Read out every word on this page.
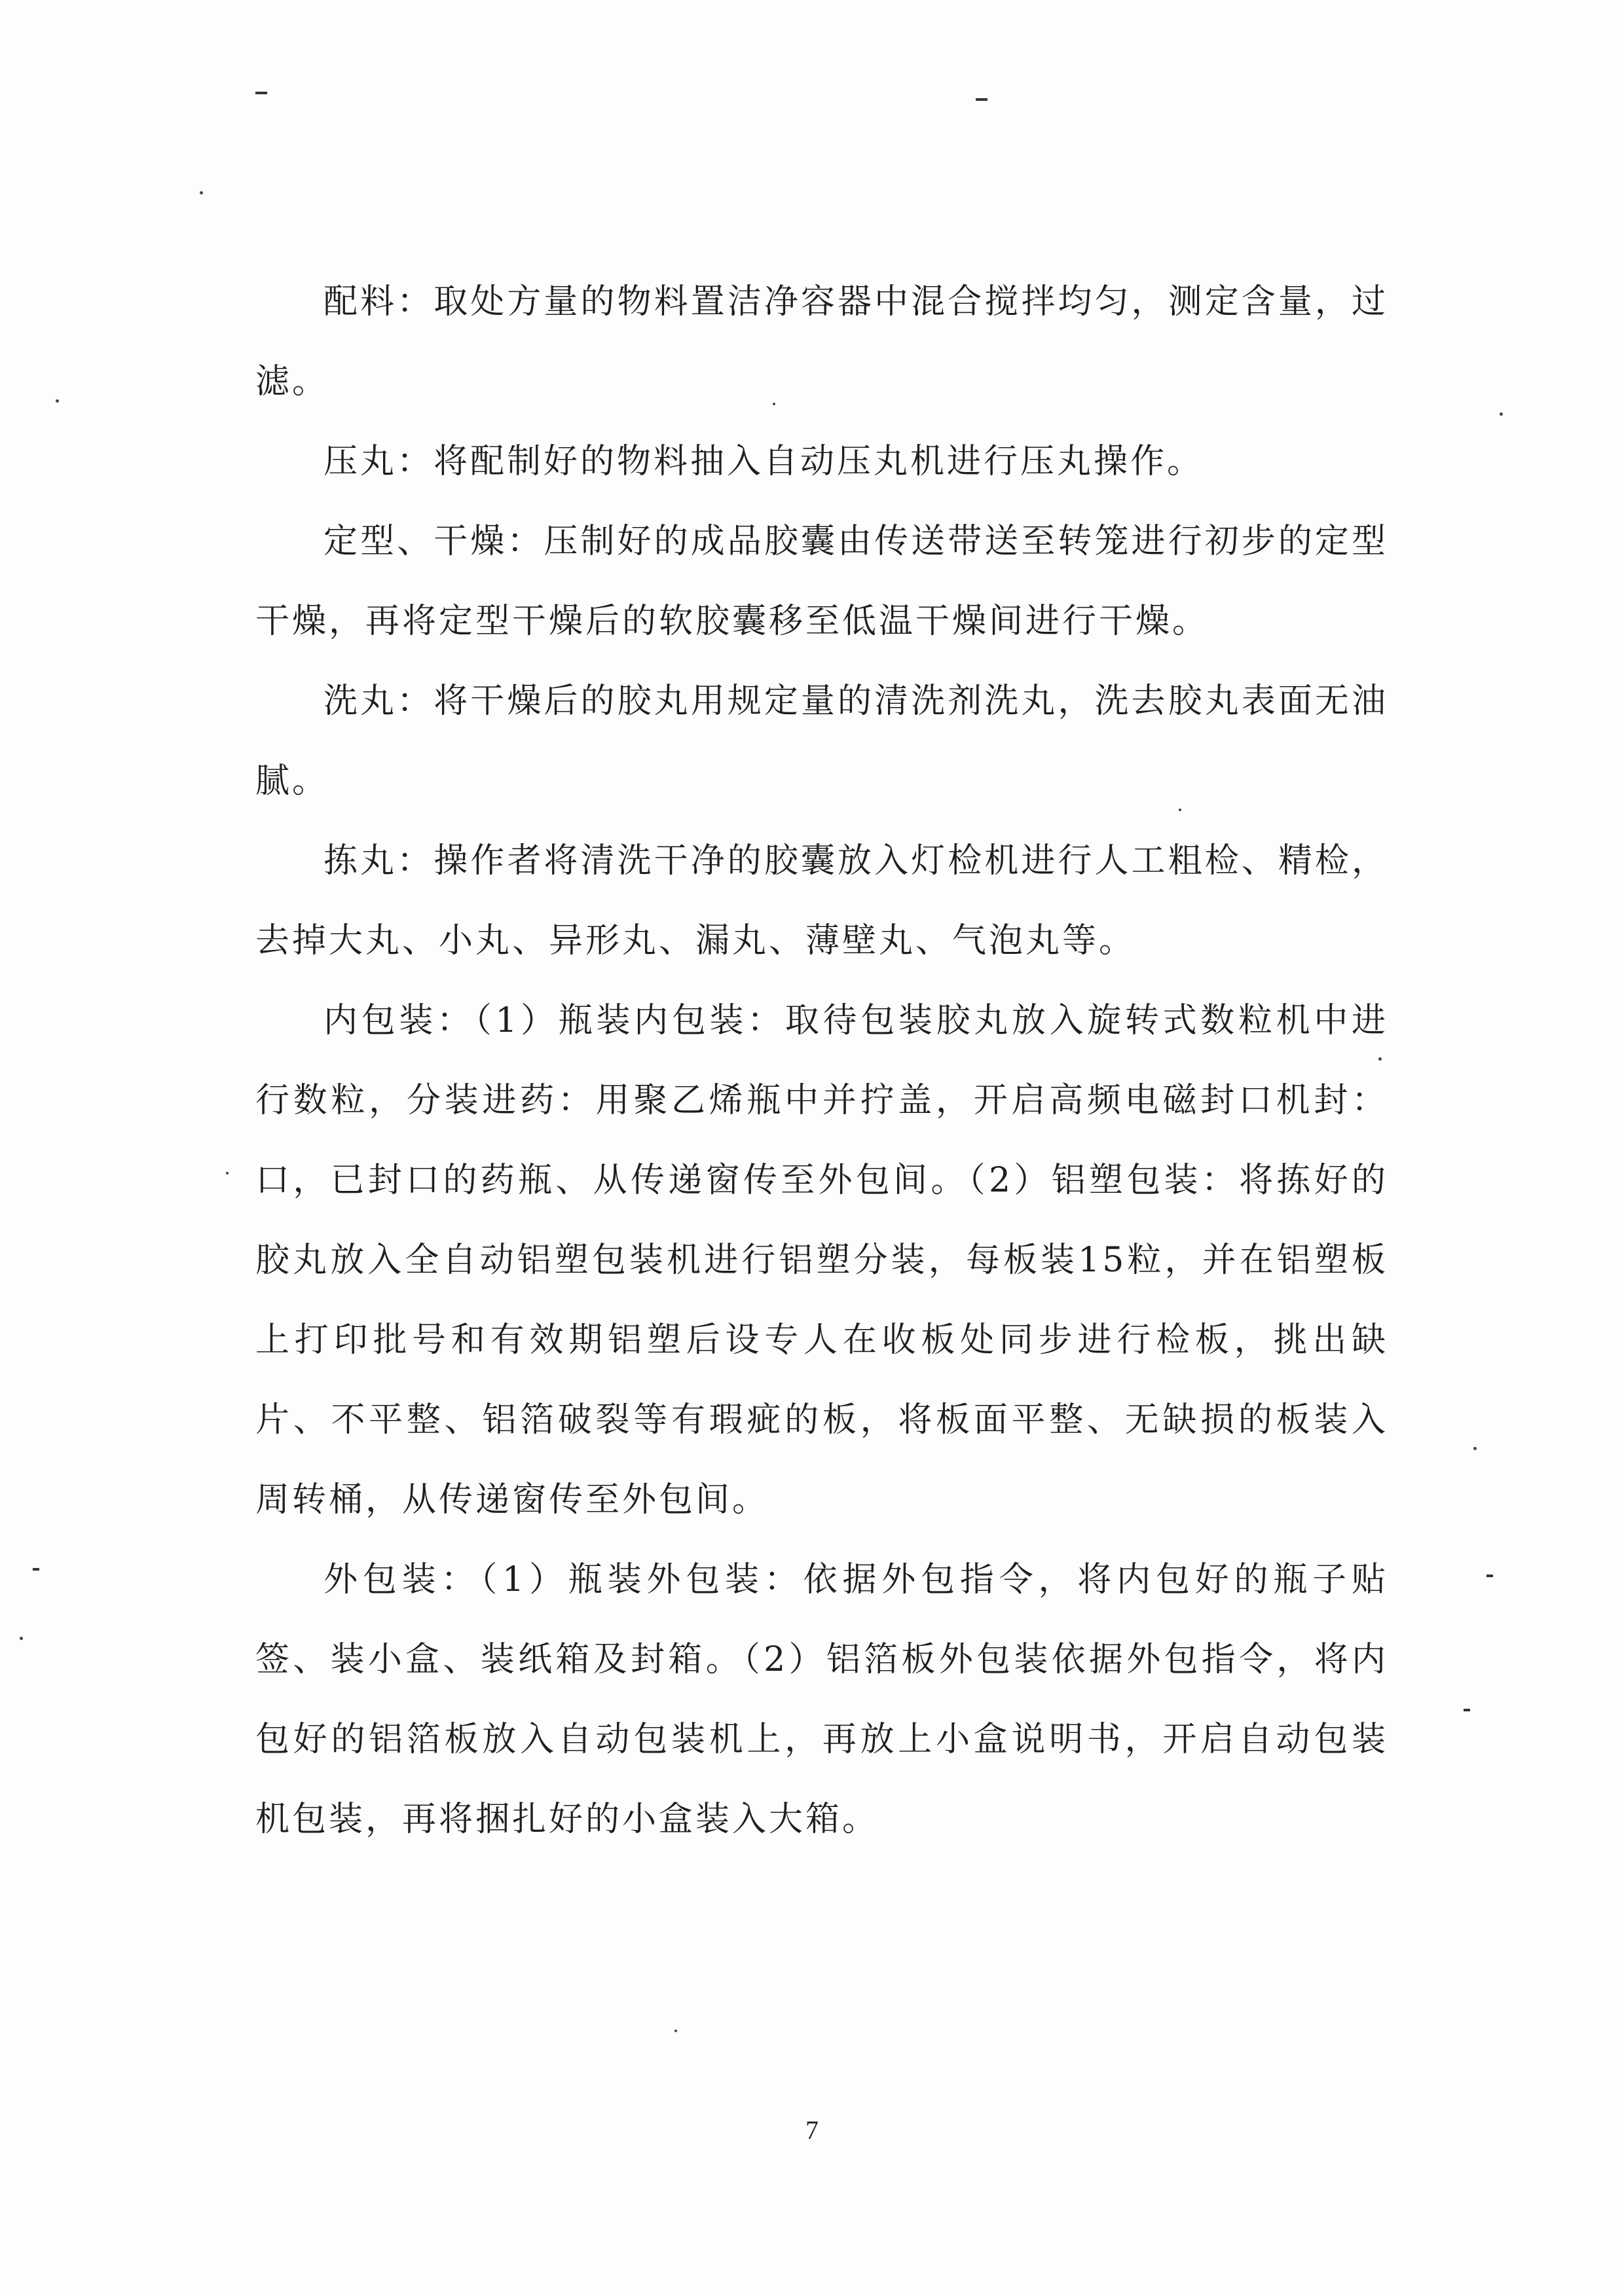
配料：取处方量的物料置洁净容器中混合搅拌均匀，测定含量，过滤。

压丸：将配制好的物料抽入自动压丸机进行压丸操作。

定型、干燥：压制好的成品胶囊由传送带送至转笼进行初步的定型干燥，再将定型干燥后的软胶囊移至低温干燥间进行干燥。

洗丸：将干燥后的胶丸用规定量的清洗剂洗丸，洗去胶丸表面无油腻。

拣丸：操作者将清洗干净的胶囊放入灯检机进行人工粗检、精检，去掉大丸、小丸、异形丸、漏丸、薄壁丸、气泡丸等。

内包装：（1）瓶装内包装：取待包装胶丸放入旋转式数粒机中进行数粒，分装进药：用聚乙烯瓶中并拧盖，开启高频电磁封口机封：口，已封口的药瓶、从传递窗传至外包间。（2）铝塑包装：将拣好的胶丸放入全自动铝塑包装机进行铝塑分装，每板装15粒，并在铝塑板上打印批号和有效期铝塑后设专人在收板处同步进行检板，挑出缺片、不平整、铝箔破裂等有瑕疵的板，将板面平整、无缺损的板装入周转桶，从传递窗传至外包间。

外包装：（1）瓶装外包装：依据外包指令，将内包好的瓶子贴签、装小盒、装纸箱及封箱。（2）铝箔板外包装依据外包指令，将内包好的铝箔板放入自动包装机上，再放上小盒说明书，开启自动包装机包装，再将捆扎好的小盒装入大箱。

7
